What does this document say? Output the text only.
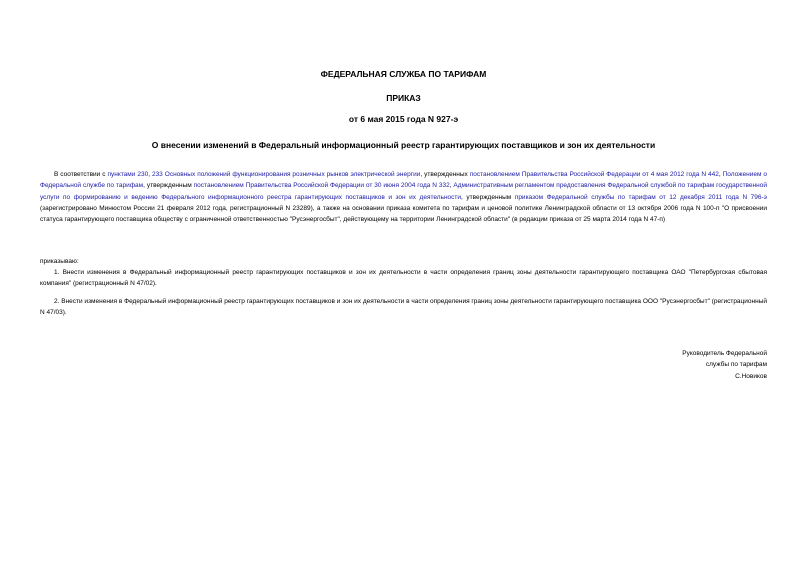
ФЕДЕРАЛЬНАЯ СЛУЖБА ПО ТАРИФАМ
ПРИКАЗ
от 6 мая 2015 года N 927-э
О внесении изменений в Федеральный информационный реестр гарантирующих поставщиков и зон их деятельности
В соответствии с пунктами 230, 233 Основных положений функционирования розничных рынков электрической энергии, утвержденных постановлением Правительства Российской Федерации от 4 мая 2012 года N 442, Положением о Федеральной службе по тарифам, утвержденным постановлением Правительства Российской Федерации от 30 июня 2004 года N 332, Административным регламентом предоставления Федеральной службой по тарифам государственной услуги по формированию и ведению Федерального информационного реестра гарантирующих поставщиков и зон их деятельности, утвержденным приказом Федеральной службы по тарифам от 12 декабря 2011 года N 796-э (зарегистрировано Минюстом России 21 февраля 2012 года, регистрационный N 23289), а также на основании приказа комитета по тарифам и ценовой политике Ленинградской области от 13 октября 2006 года N 100-п "О присвоении статуса гарантирующего поставщика обществу с ограниченной ответственностью "Русэнергосбыт", действующему на территории Ленинградской области" (в редакции приказа от 25 марта 2014 года N 47-п)
приказываю:
1. Внести изменения в Федеральный информационный реестр гарантирующих поставщиков и зон их деятельности в части определения границ зоны деятельности гарантирующего поставщика ОАО "Петербургская сбытовая компания" (регистрационный N 47/02).
2. Внести изменения в Федеральный информационный реестр гарантирующих поставщиков и зон их деятельности в части определения границ зоны деятельности гарантирующего поставщика ООО "Русэнергосбыт" (регистрационный N 47/03).
Руководитель Федеральной
службы по тарифам
С.Новиков
